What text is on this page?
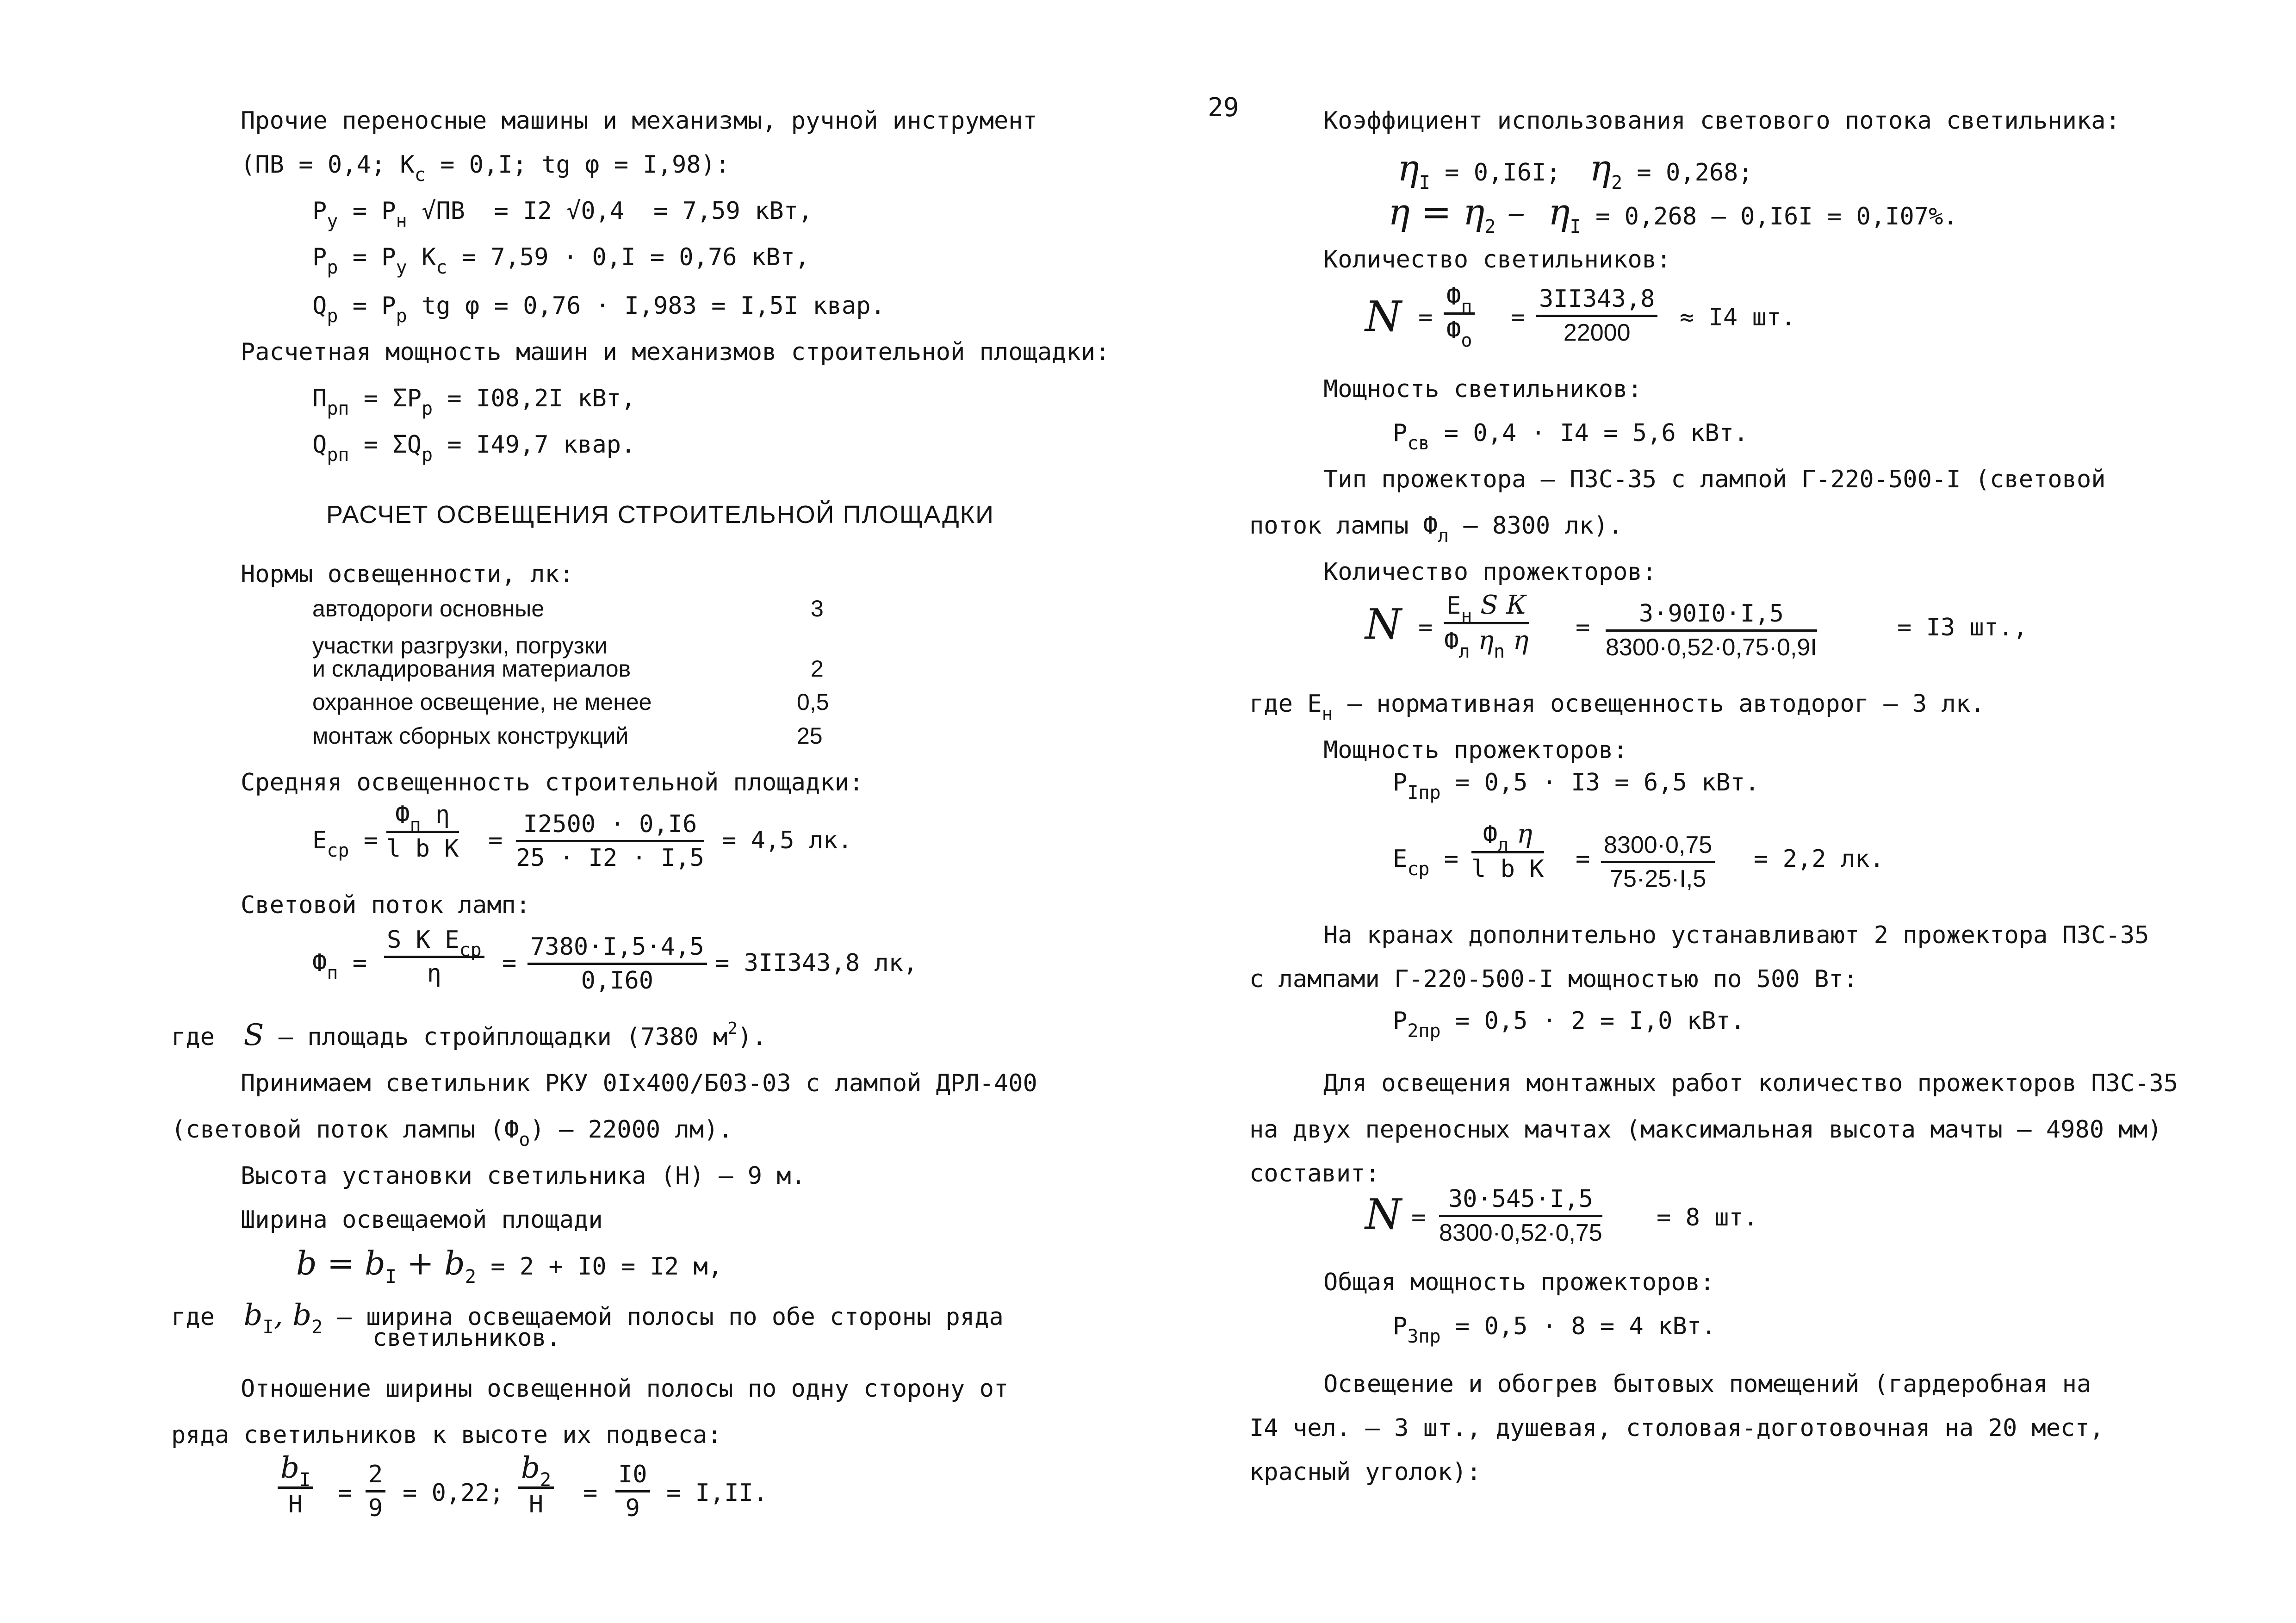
29
Прочие переносные машины и механизмы, ручной инструмент
(ПВ = 0,4; $К_с = 0,I$; tg φ = I,98):
$Р_у = Р_н$ √ПВ  = I2 √0,4  = 7,59 кВт,
$Р_р = Р_у$ $К_с = 7,59 \cdot 0,I = 0,76$ кВт,
$Q_р = Р_р$ tg φ = 0,76 · I,983 = I,5I квар.
Расчетная мощность машин и механизмов строительной площадки:
$П_{рп} = \Sigma Р_р = I08,2I$ кВт,
$Q_{рп} = \Sigma Q_р = I49,7$ квар.
РАСЧЕТ ОСВЕЩЕНИЯ СТРОИТЕЛЬНОЙ ПЛОЩАДКИ
Нормы освещенности, лк:
автодороги основные	3
участки разгрузки, погрузки
и складирования материалов	2
охранное освещение, не менее	0,5
монтаж сборных конструкций	25
Средняя освещенность строительной площадки:
$Е_{ср}$ =
$Ф_п$ η
l b $К = \frac{I2500 \cdot 0,I6}{25 \cdot I2 \cdot I,5} = 4,5$ лк.
Световой поток ламп:
$Ф_п$ =
S К $Е_{ср}$
η	= $\frac{7380\cdot I,5\cdot 4,5}{0,I60} = 3II343,8$ лк,
где S – площадь стройплощадки (7380 $м^2$).
Принимаем светильник РКУ 0Iх400/Б03-03 с лампой ДРЛ-400
(световой поток лампы $(Ф_о) - 22000$ лм).
Высота установки светильника (Н) – 9 м.
Ширина освещаемой площади
$b = b_I + b_2 = 2 + I0 = I2$ м,
где $b_I$, $b_2$ – ширина освещаемой полосы по обе стороны ряда
светильников.
Отношение ширины освещенной полосы по одну сторону от
ряда светильников к высоте их подвеса:
$b_I$
Н	= $\frac{2}{9} = 0,22$;
$b_2$
Н	= $\frac{I0}{9} = I,II$.
Коэффициент использования светового потока светильника:
$\eta_I = 0,I6I$;  $\eta_2 = 0,268$;
$\eta = \eta_2 - \eta_I = 0,268 - 0,I6I = 0,I07\%$.
Количество светильников:
N =
$Ф_п$
$Ф_о$
= $\frac{3II343,8}{22000} \approx I4$ шт.
Мощность светильников:
$Р_{св} = 0,4 \cdot I4 = 5,6$ кВт.
Тип прожектора – ПЗС-35 с лампой Г-220-500-I (световой
поток лампы $Ф_л - 8300$ лк).
Количество прожекторов:
N =
$Е_н$ S К
$Ф_л$ $\eta_n$ $\eta = \frac{3\cdot 90I0\cdot I,5}{8300\cdot 0,52\cdot 0,75\cdot 0,9I}$	= I3 шт.,
где $Е_н$ – нормативная освещенность автодорог – 3 лк.
Мощность прожекторов:
$Р_{Iпр} = 0,5 \cdot I3 = 6,5$ кВт.
$Е_{ср}$ =
$Ф_л$ η
l b $К = \frac{8300\cdot 0,75}{75\cdot 25\cdot I,5} = 2,2$ лк.
На кранах дополнительно устанавливают 2 прожектора ПЗС-35
с лампами Г-220-500-I мощностью по 500 Вт:
$Р_{2пр} = 0,5 \cdot 2 = I,0$ кВт.
Для освещения монтажных работ количество прожекторов ПЗС-35
на двух переносных мачтах (максимальная высота мачты – 4980 мм)
составит:
$N = \frac{30\cdot 545\cdot I,5}{8300\cdot 0,52\cdot 0,75} = 8$ шт.
Общая мощность прожекторов:
$Р_{3пр} = 0,5 \cdot 8 = 4$ кВт.
Освещение и обогрев бытовых помещений (гардеробная на
I4 чел. – 3 шт., душевая, столовая-доготовочная на 20 мест,
красный уголок):
